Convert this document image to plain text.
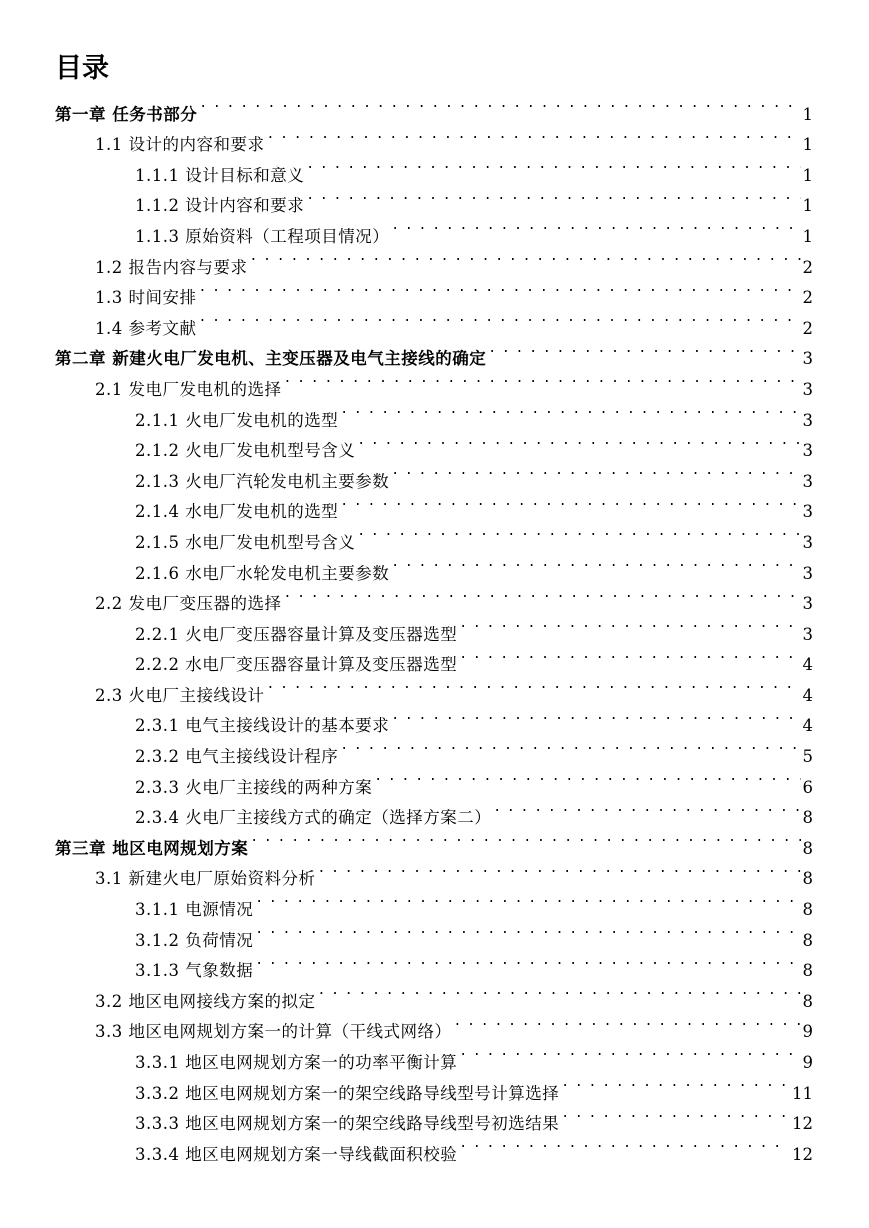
目录
第一章 任务书部分 . . .	1
1.1 设计的内容和要求 . . .	1
1.1.1 设计目标和意义 . . .	1
1.1.2 设计内容和要求 . . .	1
1.1.3 原始资料（工程项目情况） . . .	1
1.2 报告内容与要求 . . .	2
1.3 时间安排 . . .	2
1.4 参考文献 . . .	2
第二章 新建火电厂发电机、主变压器及电气主接线的确定 . . .	3
2.1 发电厂发电机的选择 . . .	3
2.1.1 火电厂发电机的选型 . . .	3
2.1.2 火电厂发电机型号含义 . . .	3
2.1.3 火电厂汽轮发电机主要参数 . . .	3
2.1.4 水电厂发电机的选型 . . .	3
2.1.5 水电厂发电机型号含义 . . .	3
2.1.6 水电厂水轮发电机主要参数 . . .	3
2.2 发电厂变压器的选择 . . .	3
2.2.1 火电厂变压器容量计算及变压器选型 . . .	3
2.2.2 水电厂变压器容量计算及变压器选型 . . .	4
2.3 火电厂主接线设计 . . .	4
2.3.1 电气主接线设计的基本要求 . . .	4
2.3.2 电气主接线设计程序 . . .	5
2.3.3 火电厂主接线的两种方案 . . .	6
2.3.4 火电厂主接线方式的确定（选择方案二） . . .	8
第三章 地区电网规划方案 . . .	8
3.1 新建火电厂原始资料分析 . . .	8
3.1.1 电源情况 . . .	8
3.1.2 负荷情况 . . .	8
3.1.3 气象数据 . . .	8
3.2 地区电网接线方案的拟定 . . .	8
3.3 地区电网规划方案一的计算（干线式网络） . . .	9
3.3.1 地区电网规划方案一的功率平衡计算 . . .	9
3.3.2 地区电网规划方案一的架空线路导线型号计算选择 . . .	11
3.3.3 地区电网规划方案一的架空线路导线型号初选结果 . . .	12
3.3.4 地区电网规划方案一导线截面积校验 . . .	12
